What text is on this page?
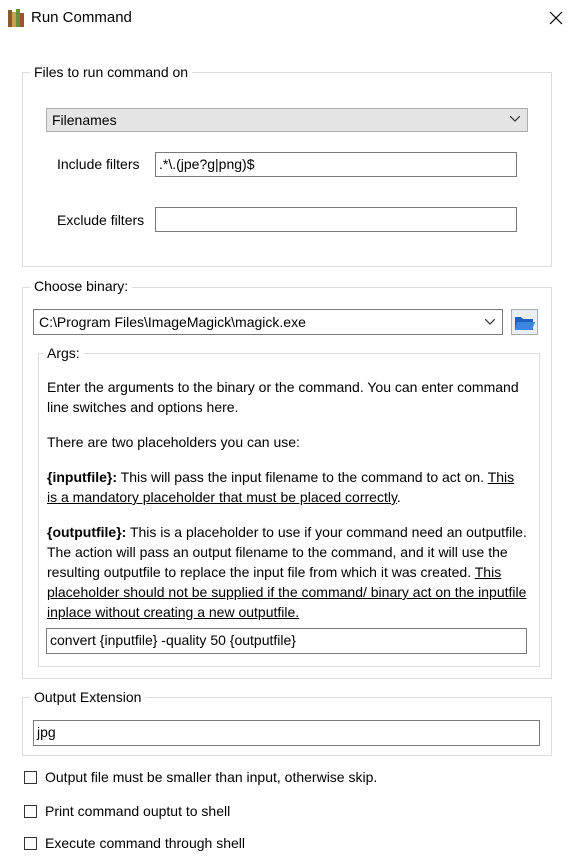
Run Command
Files to run command on
Filenames
Include filters .*\.(jpe?g|png)$
Exclude filters
Choose binary:
C:\Program Files\ImageMagick\magick.exe
Args:
Enter the arguments to the binary or the command. You can enter command line switches and options here.
There are two placeholders you can use:
{inputfile}: This will pass the input filename to the command to act on. This is a mandatory placeholder that must be placed correctly.
{outputfile}: This is a placeholder to use if your command need an outputfile. The action will pass an output filename to the command, and it will use the resulting outputfile to replace the input file from which it was created. This placeholder should not be supplied if the command/ binary act on the inputfile inplace without creating a new outputfile.
convert {inputfile} -quality 50 {outputfile}
Output Extension
jpg
Output file must be smaller than input, otherwise skip.
Print command ouptut to shell
Execute command through shell
